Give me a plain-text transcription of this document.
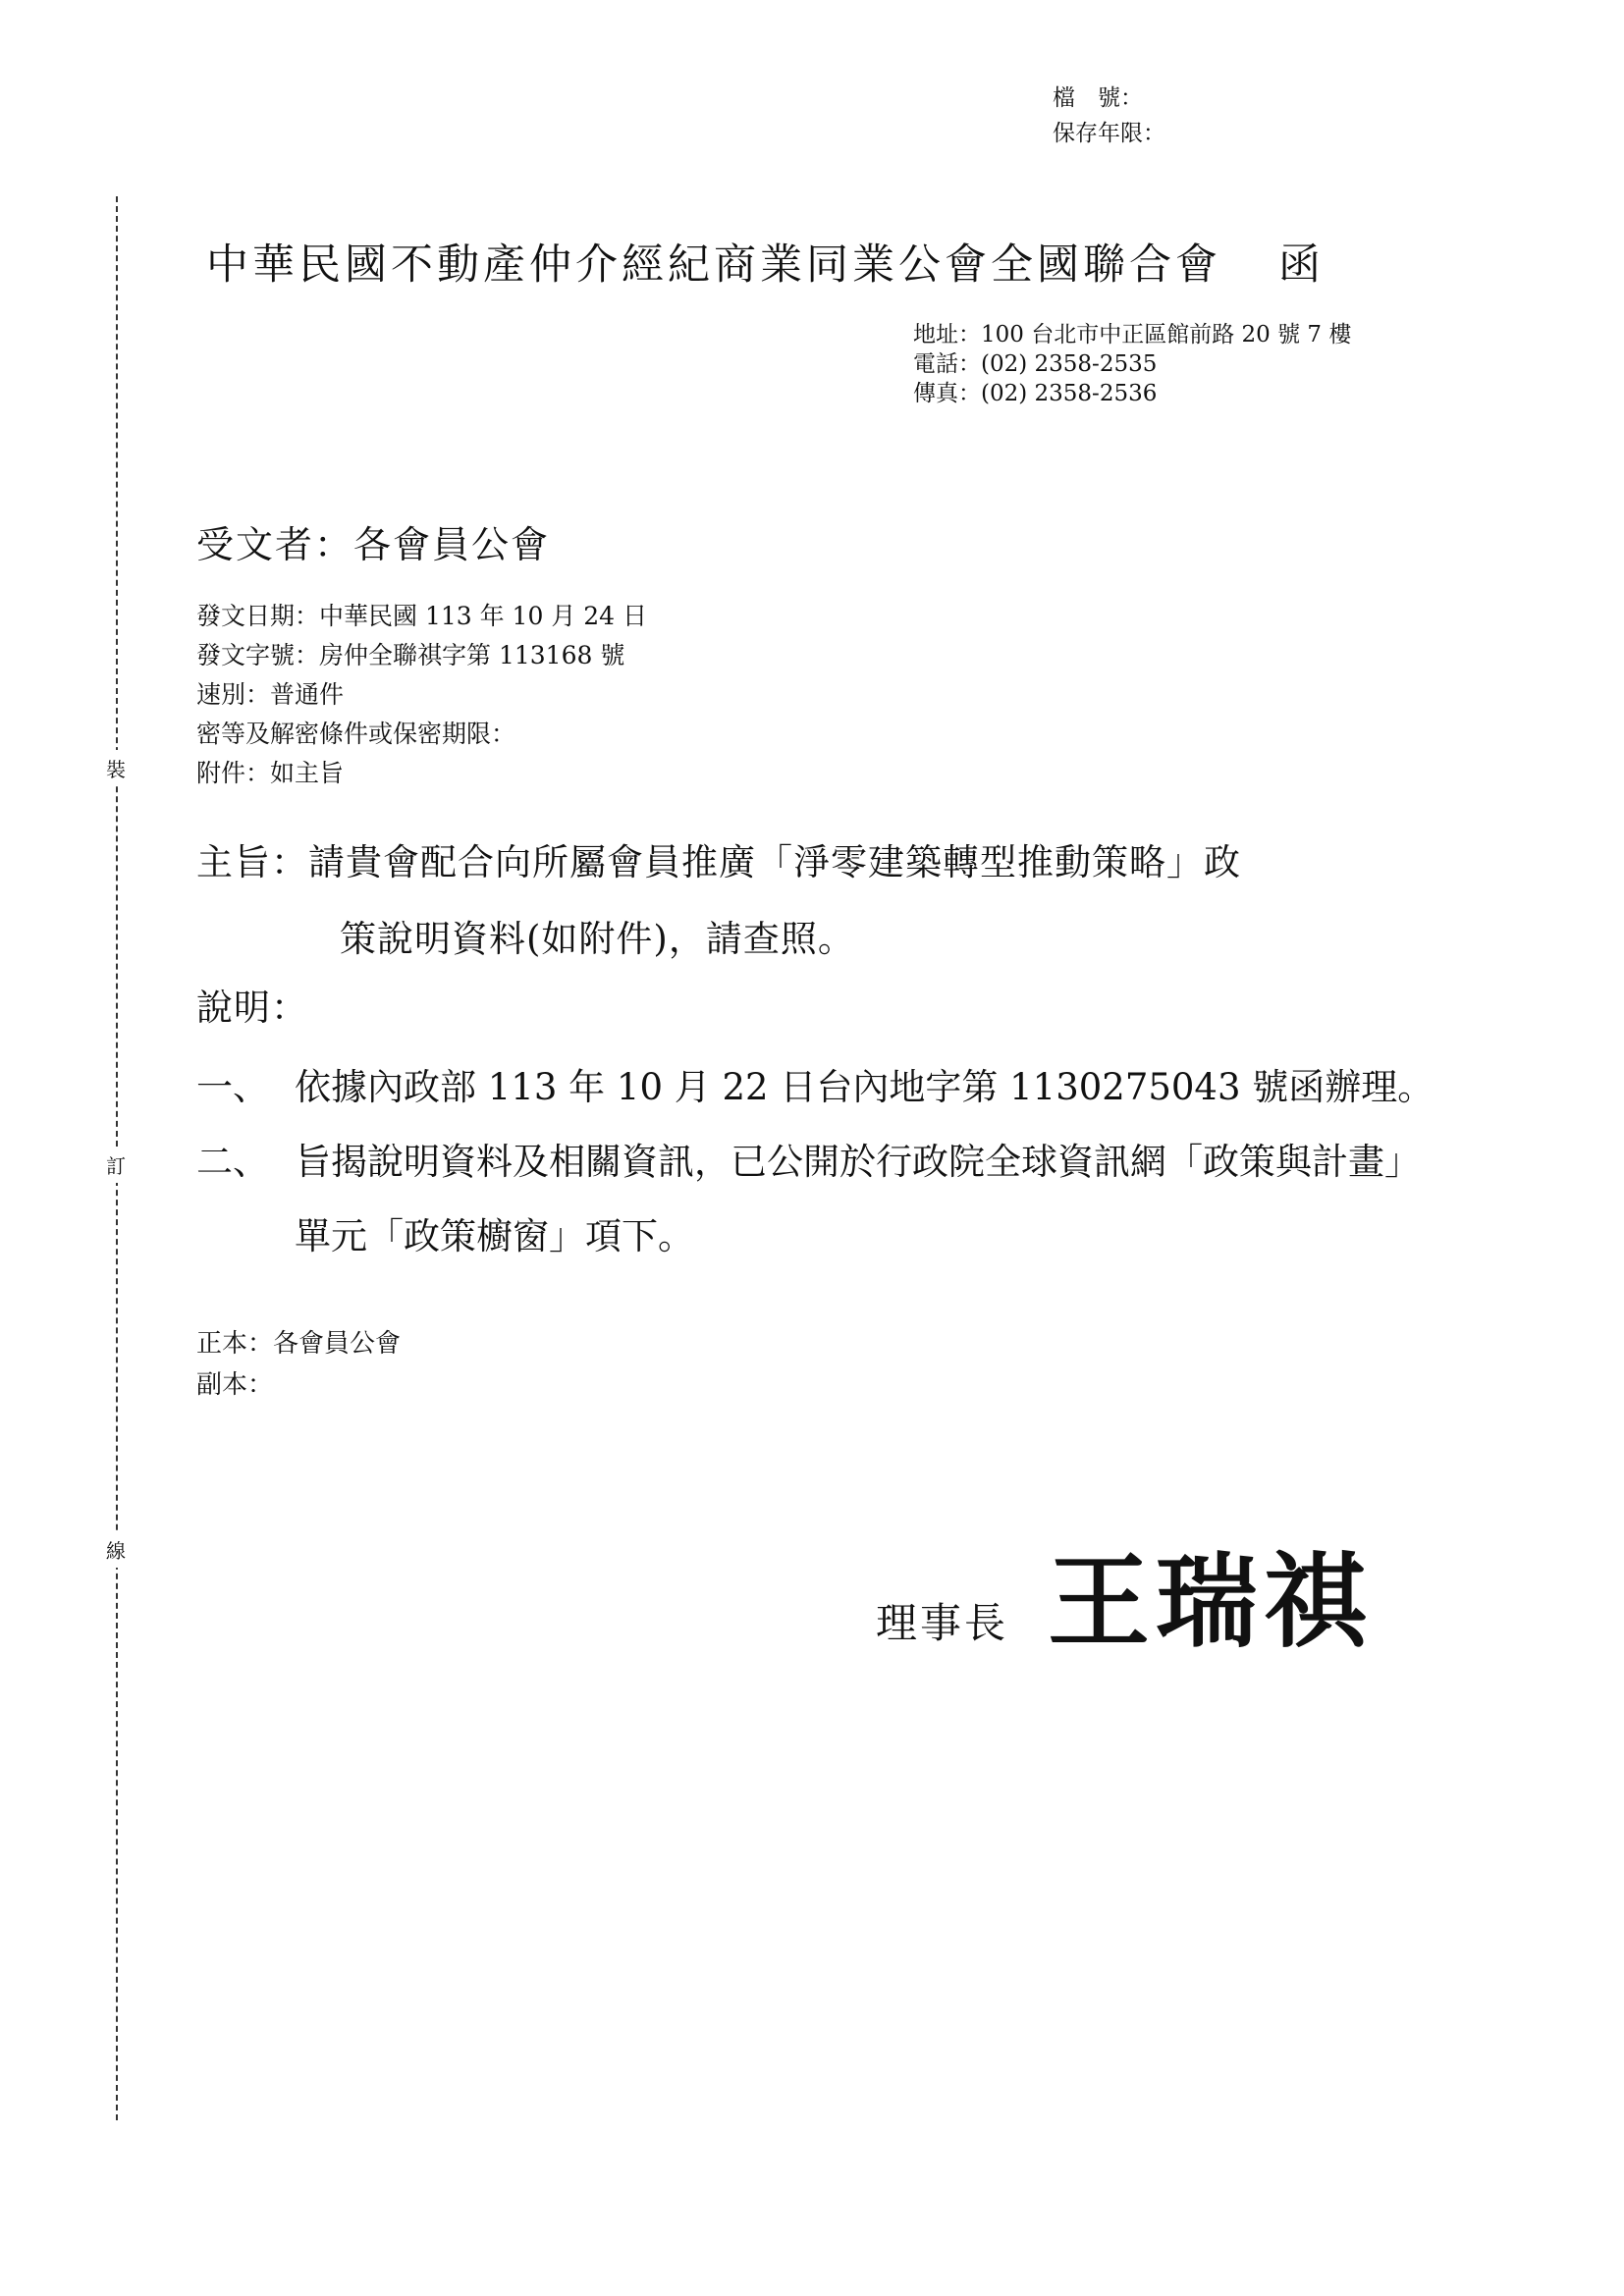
檔　號：
保存年限：
裝
訂
線
中華民國不動產仲介經紀商業同業公會全國聯合會 函
地址：100 台北市中正區館前路 20 號 7 樓
電話：(02) 2358-2535
傳真：(02) 2358-2536
受文者：各會員公會
發文日期：中華民國 113 年 10 月 24 日
發文字號：房仲全聯祺字第 113168 號
速別：普通件
密等及解密條件或保密期限：
附件：如主旨
主旨：請貴會配合向所屬會員推廣「淨零建築轉型推動策略」政
策說明資料(如附件)，請查照。
說明：
一、 依據內政部 113 年 10 月 22 日台內地字第 1130275043 號函辦理。
二、 旨揭說明資料及相關資訊，已公開於行政院全球資訊網「政策與計畫」單元「政策櫥窗」項下。
正本：各會員公會
副本：
理事長 王瑞祺
